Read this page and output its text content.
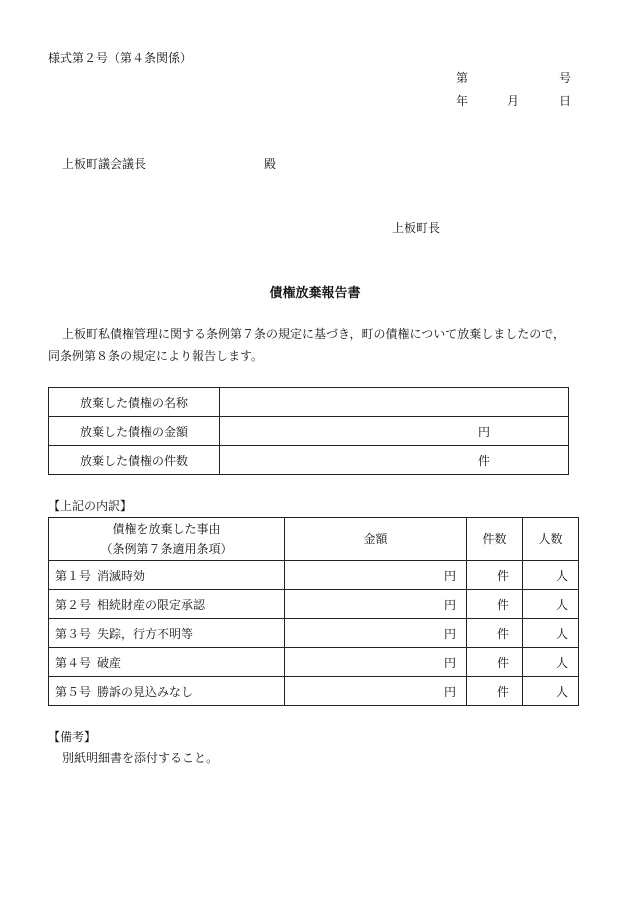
様式第２号（第４条関係）
第	号
年	月	日
上板町議会議長	殿
上板町長
債権放棄報告書
上板町私債権管理に関する条例第７条の規定に基づき，町の債権について放棄しましたので，
同条例第８条の規定により報告します。
放棄した債権の名称	
放棄した債権の金額	円
放棄した債権の件数	件
【上記の内訳】
債権を放棄した事由
（条例第７条適用条項）	金額	件数	人数
第１号 消滅時効	円	件	人
第２号 相続財産の限定承認	円	件	人
第３号 失踪，行方不明等	円	件	人
第４号 破産	円	件	人
第５号 勝訴の見込みなし	円	件	人
【備考】
別紙明細書を添付すること。
